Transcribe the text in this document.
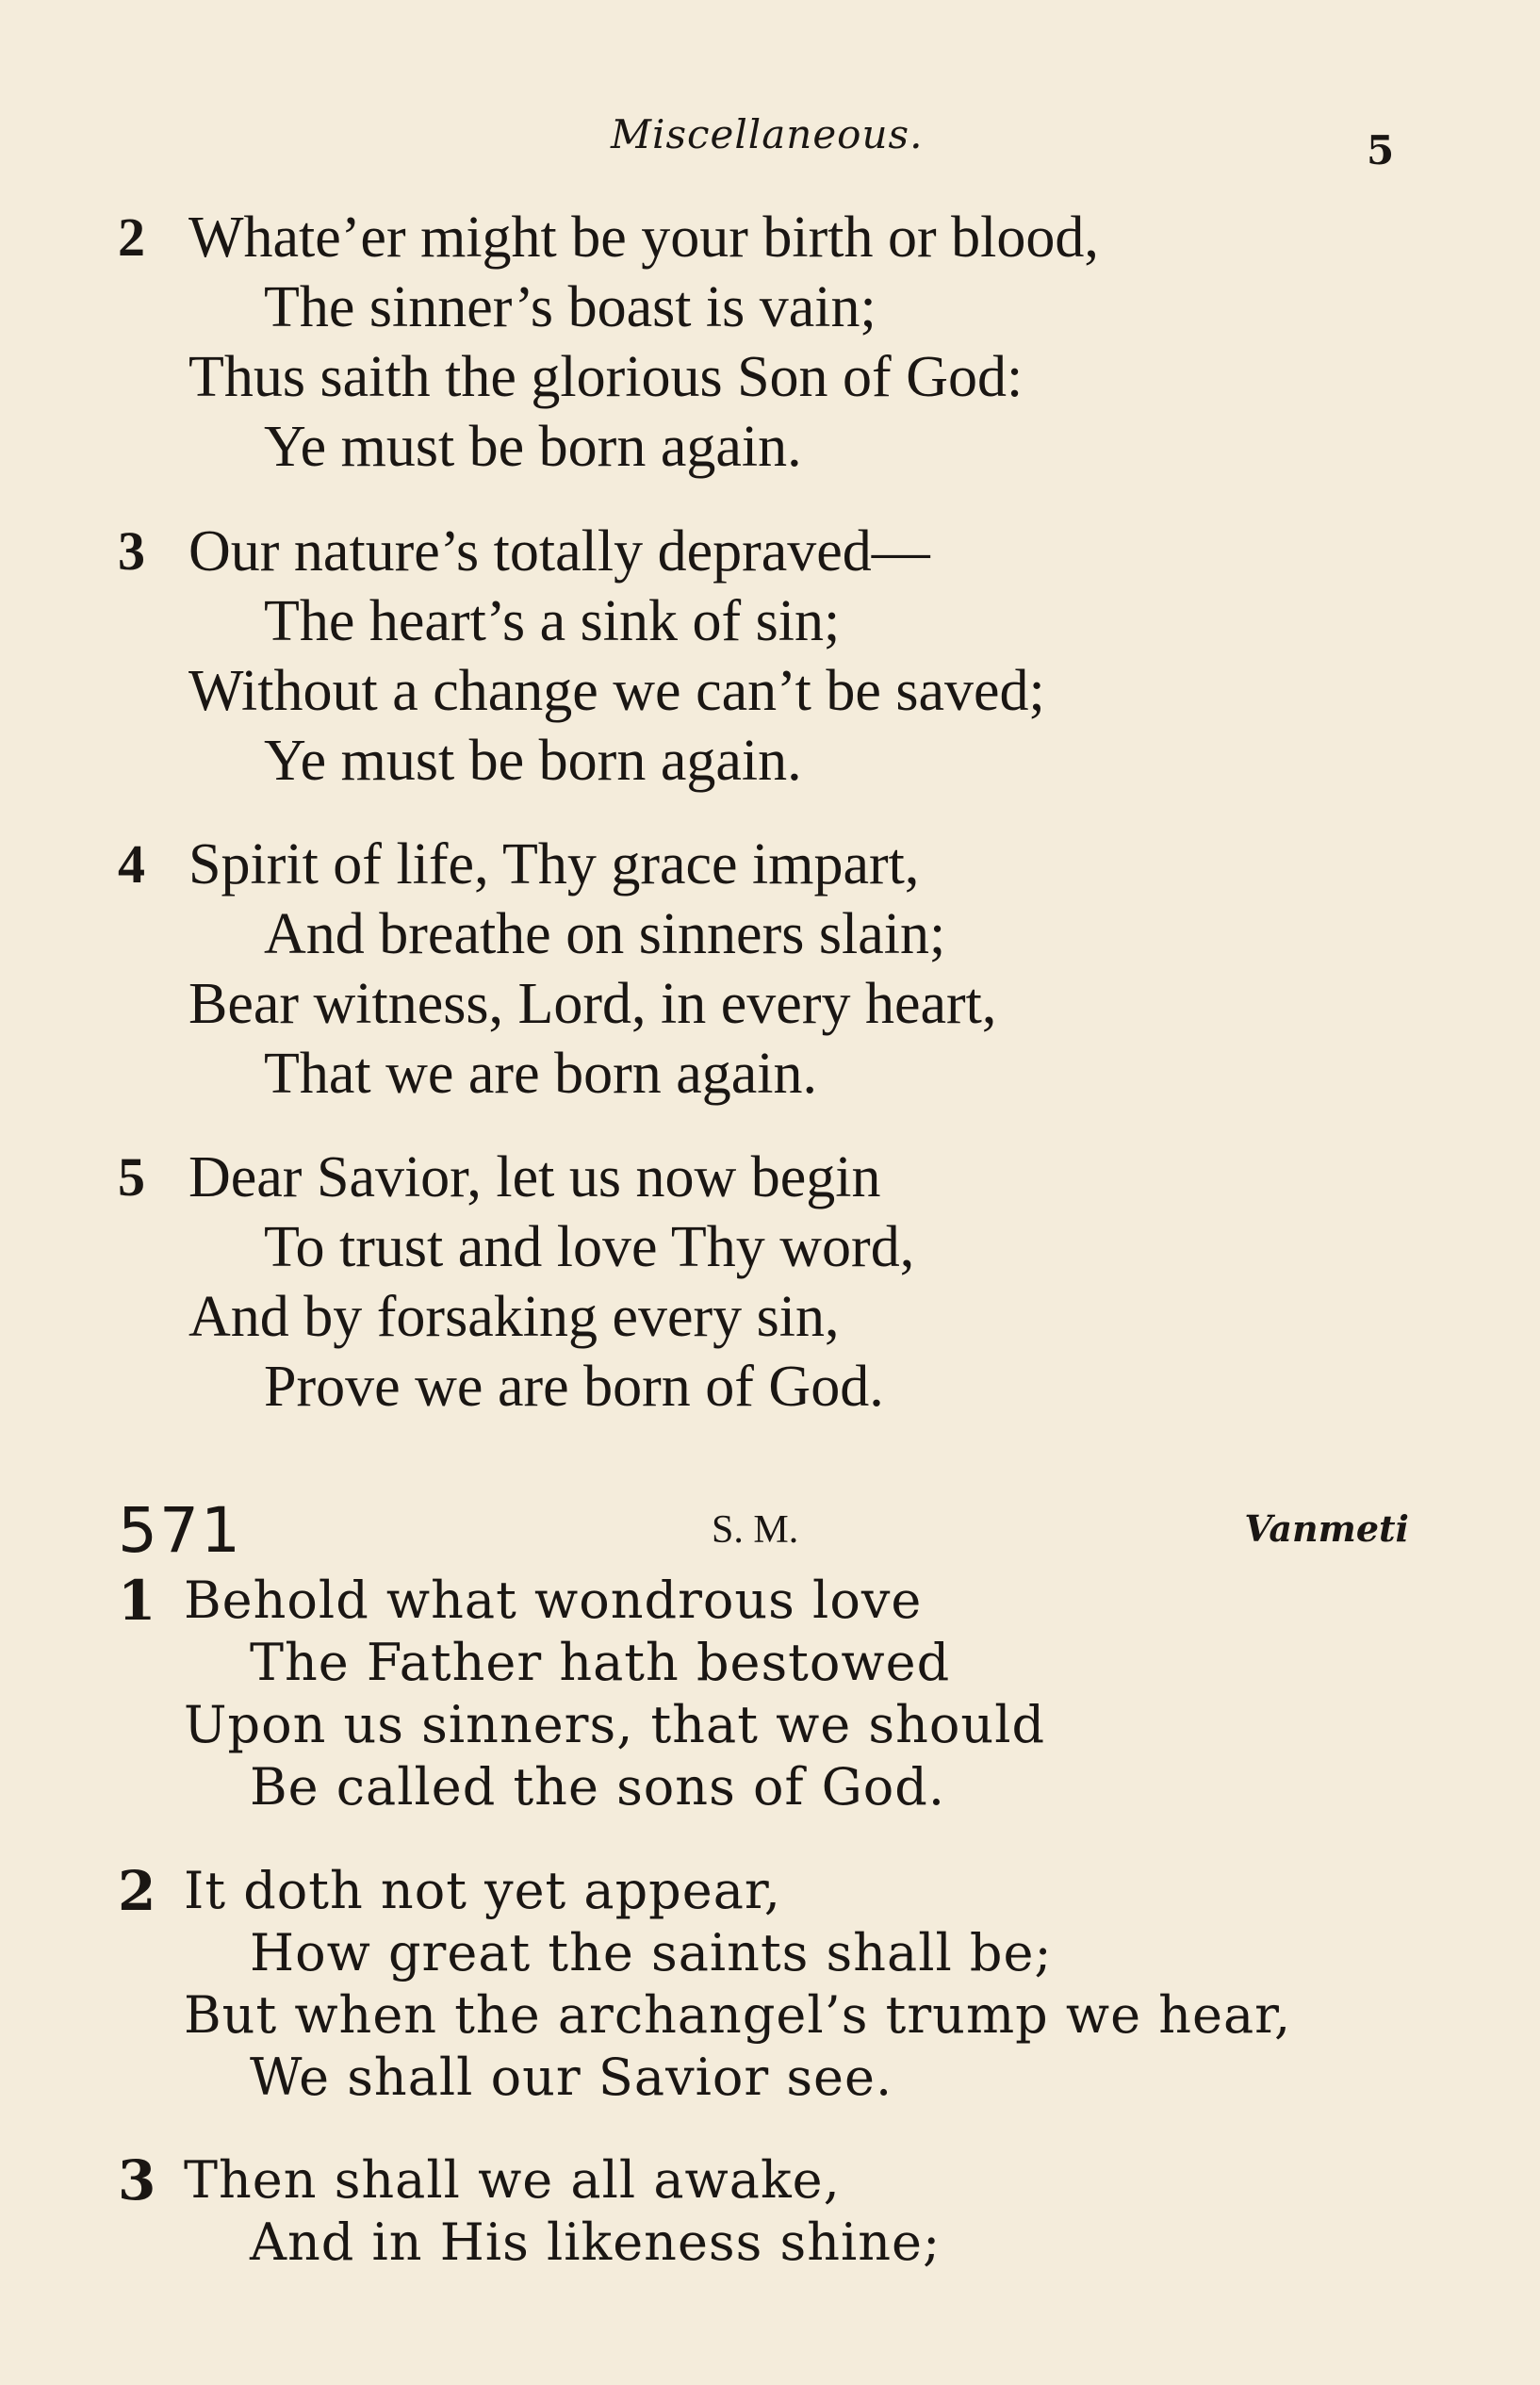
Miscellaneous.	5
2 Whate’er might be your birth or blood,
The sinner’s boast is vain;
Thus saith the glorious Son of God:
Ye must be born again.
3 Our nature’s totally depraved—
The heart’s a sink of sin;
Without a change we can’t be saved;
Ye must be born again.
4 Spirit of life, Thy grace impart,
And breathe on sinners slain;
Bear witness, Lord, in every heart,
That we are born again.
5 Dear Savior, let us now begin
To trust and love Thy word,
And by forsaking every sin,
Prove we are born of God.
571	S. M.	Vanmeti
1 Behold what wondrous love
The Father hath bestowed
Upon us sinners, that we should
Be called the sons of God.
2 It doth not yet appear,
How great the saints shall be;
But when the archangel’s trump we hear,
We shall our Savior see.
3 Then shall we all awake,
And in His likeness shine;
